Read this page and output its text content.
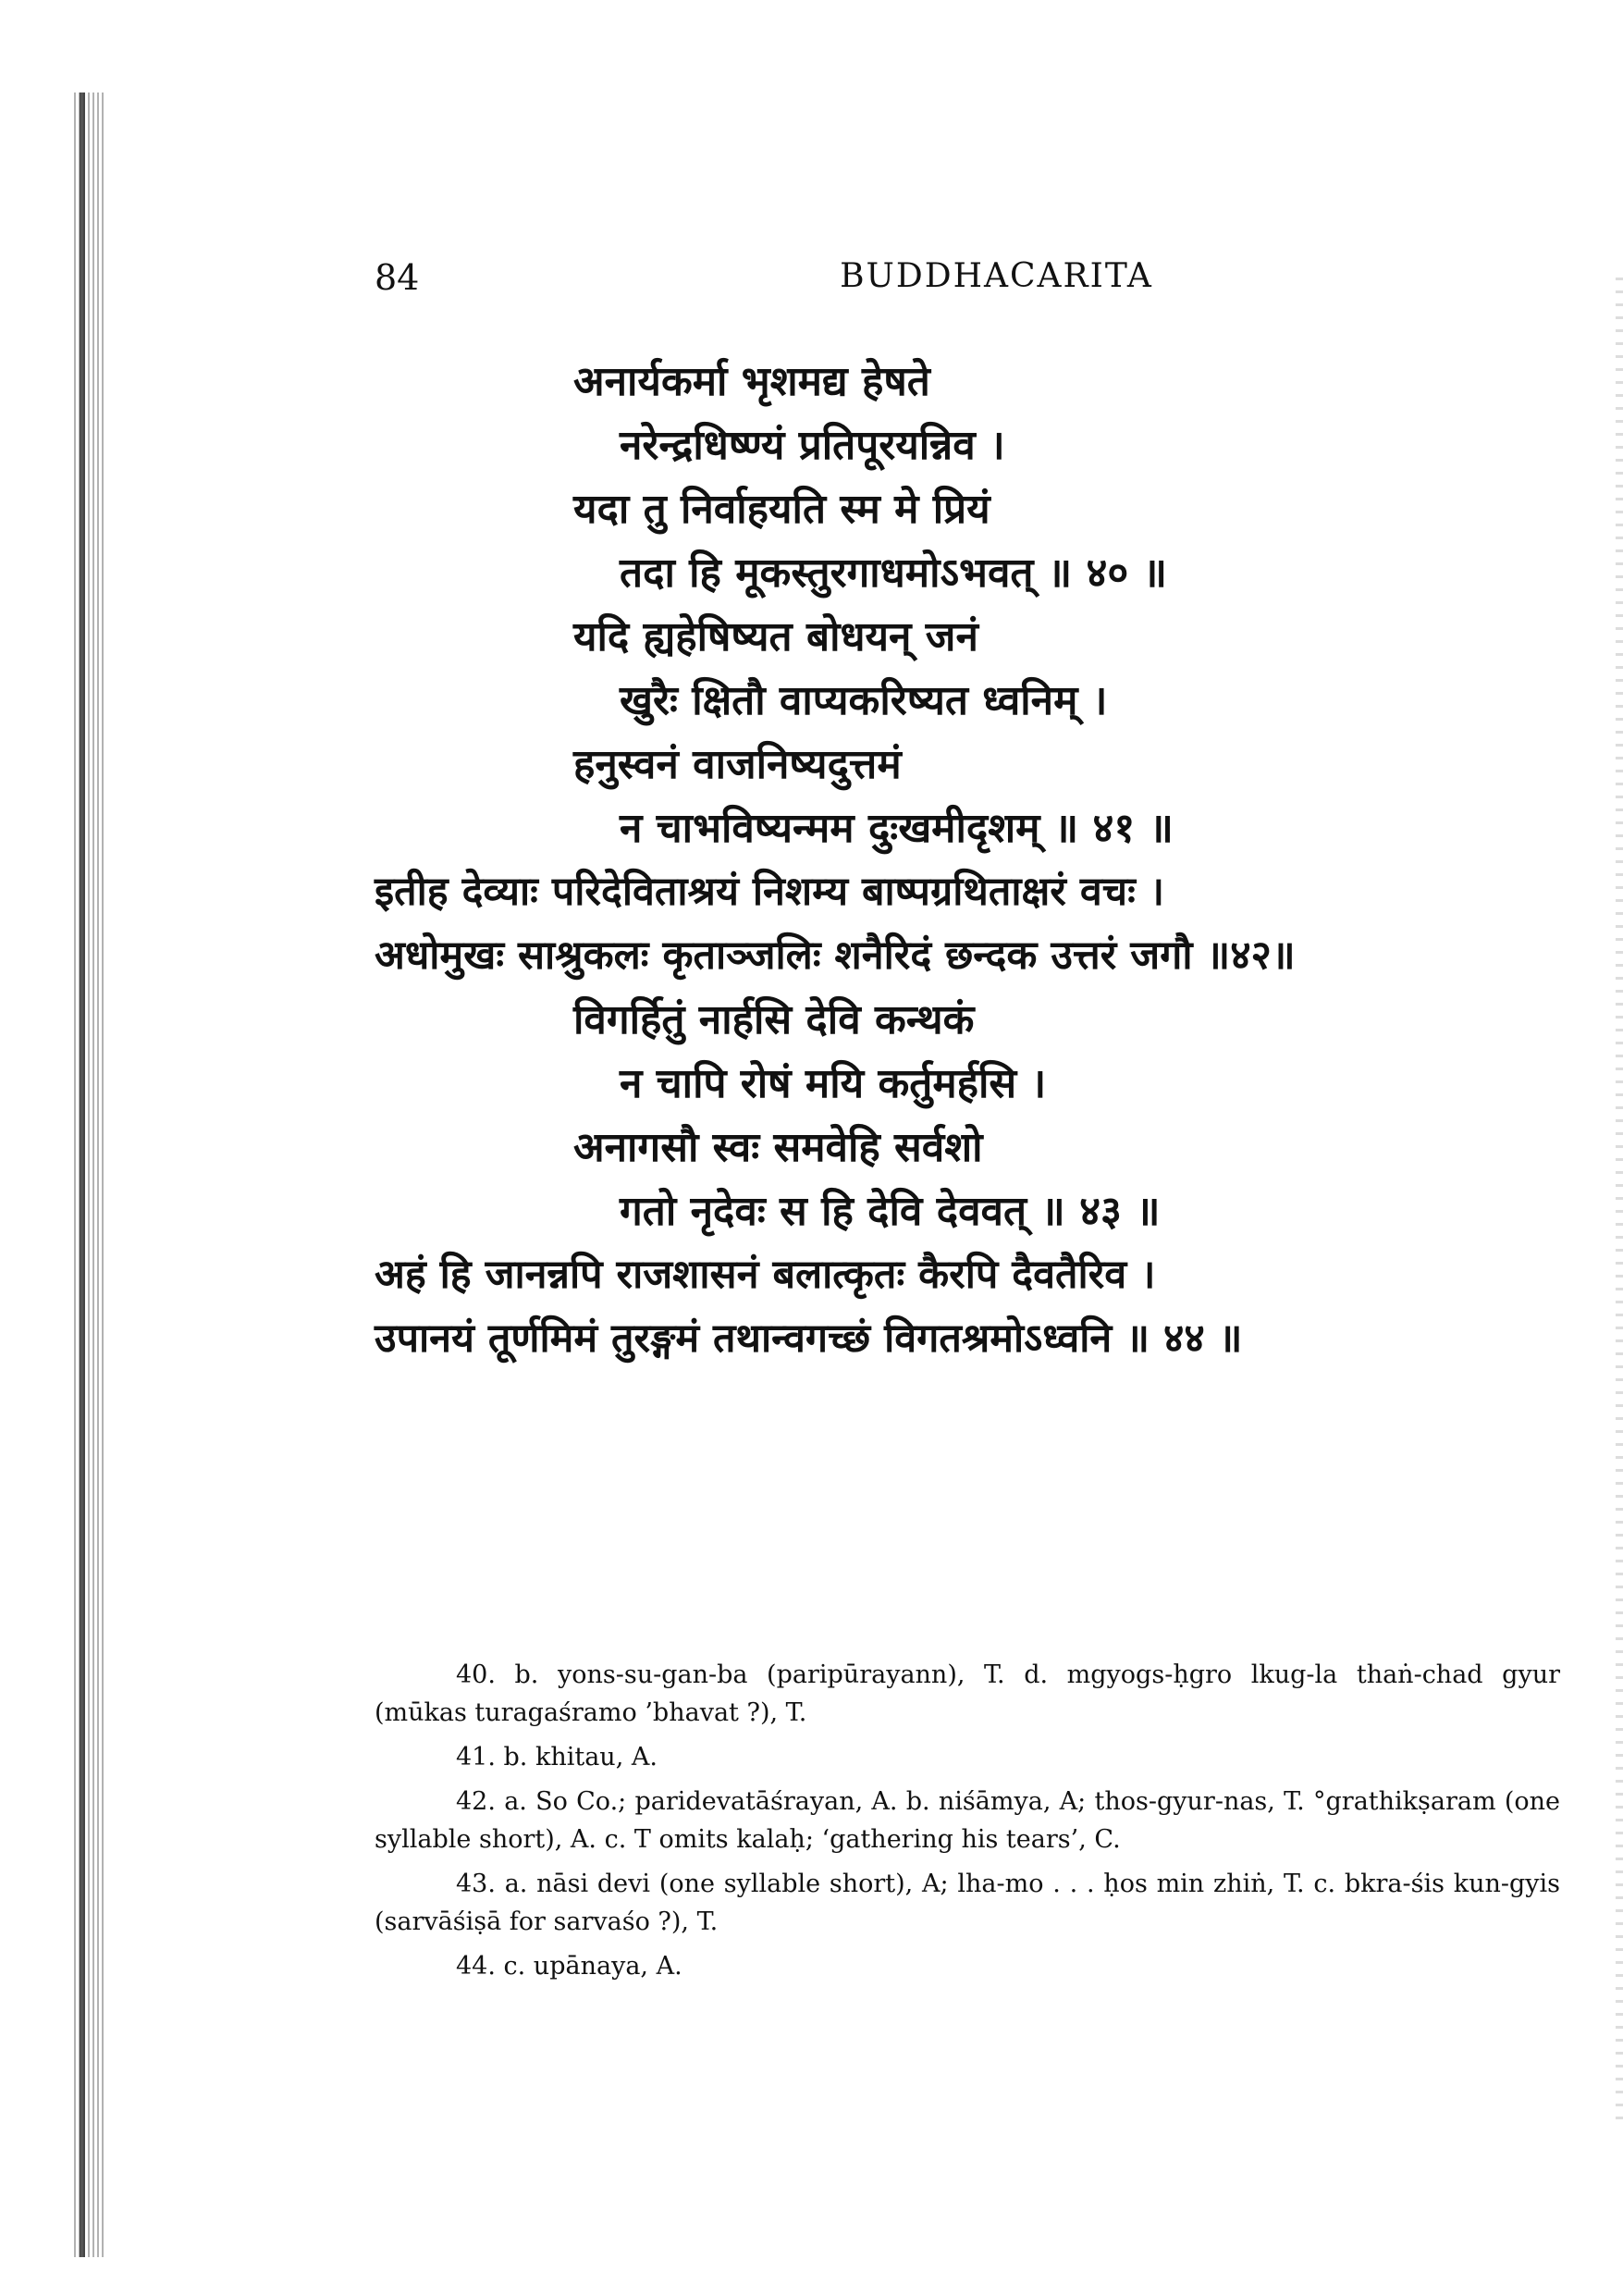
84	BUDDHACARITA
अनार्यकर्मा भृशमद्य हेषते
नरेन्द्रधिष्ण्यं प्रतिपूरयन्निव ।
यदा तु निर्वाहयति स्म मे प्रियं
तदा हि मूकस्तुरगाधमोऽभवत् ॥ ४० ॥
यदि ह्यहेषिष्यत बोधयन् जनं
खुरैः क्षितौ वाप्यकरिष्यत ध्वनिम् ।
हनुस्वनं वाजनिष्यदुत्तमं
न चाभविष्यन्मम दुःखमीदृशम् ॥ ४१ ॥
इतीह देव्याः परिदेविताश्रयं निशम्य बाष्पग्रथिताक्षरं वचः ।
अधोमुखः साश्रुकलः कृताञ्जलिः शनैरिदं छन्दक उत्तरं जगौ ॥४२॥
विगर्हितुं नार्हसि देवि कन्थकं
न चापि रोषं मयि कर्तुमर्हसि ।
अनागसौ स्वः समवेहि सर्वशो
गतो नृदेवः स हि देवि देववत् ॥ ४३ ॥
अहं हि जानन्नपि राजशासनं बलात्कृतः कैरपि दैवतैरिव ।
उपानयं तूर्णमिमं तुरङ्गमं तथान्वगच्छं विगतश्रमोऽध्वनि ॥ ४४ ॥

40. b. yons-su-gan-ba (paripūrayann), T. d. mgyogs-ḥgro lkug-la thaṅ-chad gyur (mūkas turagaśramo ’bhavat ?), T.

41. b. khitau, A.

42. a. So Co.; paridevatāśrayan, A. b. niśāmya, A; thos-gyur-nas, T. °grathikṣaram (one syllable short), A. c. T omits kalaḥ; ‘gathering his tears’, C.

43. a. nāsi devi (one syllable short), A; lha-mo . . . ḥos min zhiṅ, T. c. bkra-śis kun-gyis (sarvāśiṣā for sarvaśo ?), T.

44. c. upānaya, A.
